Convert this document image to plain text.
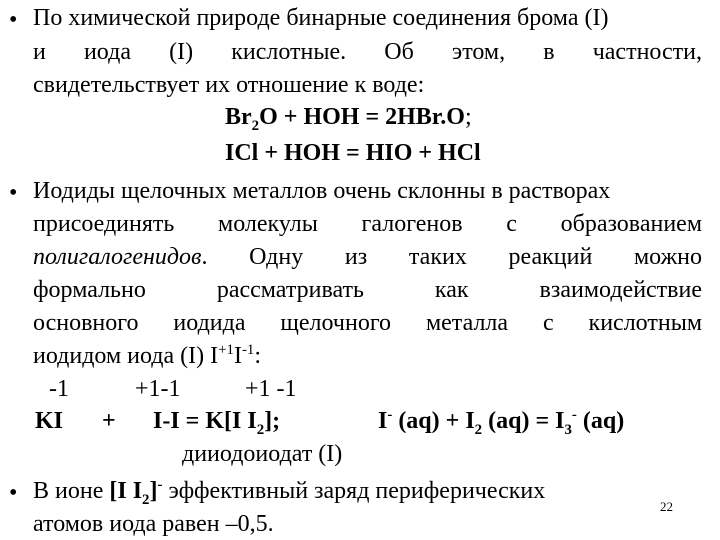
• По химической природе бинарные соединения брома (I)
и иода (I) кислотные. Об этом, в частности,
свидетельствует их отношение к воде:
$Br_2O$ + НОН = 2HBr.O;
ICl + НОН = HIO + HCl
• Иодиды щелочных металлов очень склонны в растворах
присоединять молекулы галогенов с образованием
полигалогенидов. Одну из таких реакций можно
формально рассматривать как взаимодействие
основного иодида щелочного металла с кислотным
иодидом иода (I) $I^{+1}I^{-1}$:
-1	+1-1	+1 -1
KI + I-I = K[I $I_2$];	I- $(aq) + I_2$ $(aq) = I_3^-$ (aq)
дииодоиодат (I)
• В ионе [I $I_2]^-$ эффективный заряд периферических
атомов иода равен –0,5.
22
